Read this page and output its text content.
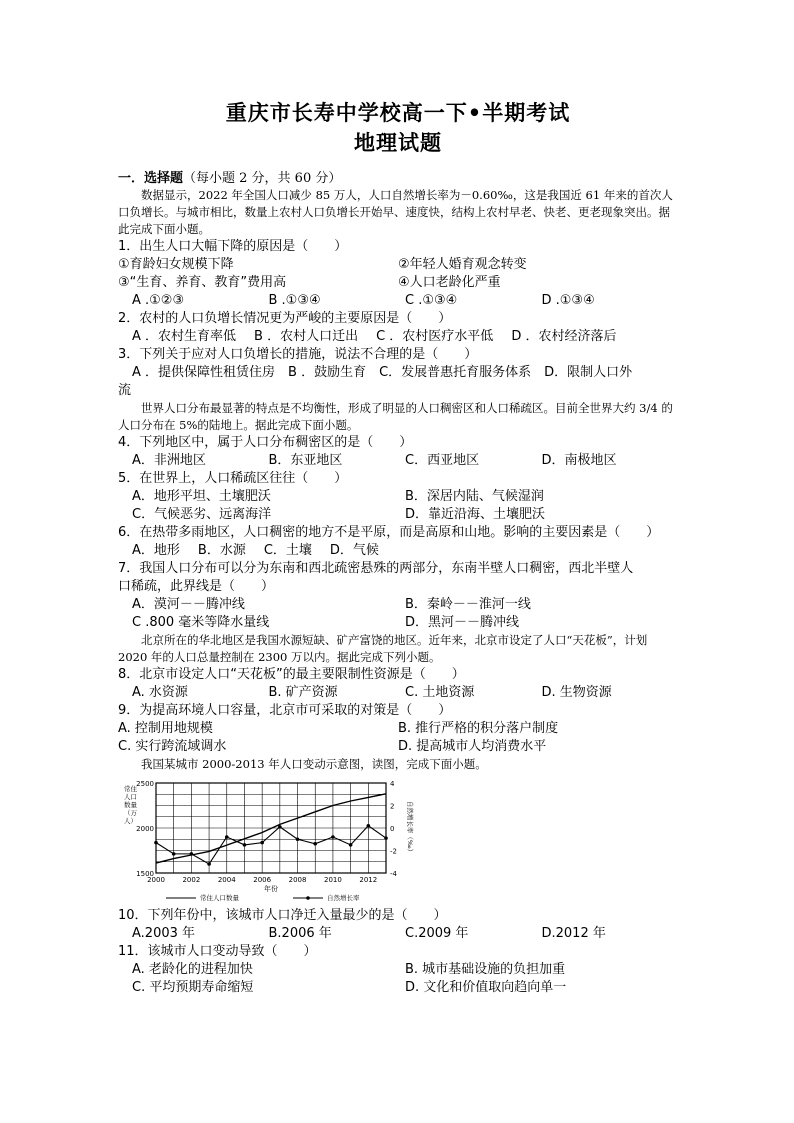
重庆市长寿中学校高一下•半期考试
地理试题
一．选择题（每小题 2 分，共 60 分）
数据显示，2022 年全国人口减少 85 万人，人口自然增长率为－0.60‰，这是我国近 61 年来的首次人口负增长。与城市相比，数量上农村人口负增长开始早、速度快，结构上农村早老、快老、更老现象突出。据此完成下面小题。
1．出生人口大幅下降的原因是（　　）
①育龄妇女规模下降	②年轻人婚育观念转变
③“生育、养育、教育”费用高	④人口老龄化严重
A .①②③	B .①③④	C .①③④	D .①③④
2．农村的人口负增长情况更为严峻的主要原因是（　　）
A ．农村生育率低 B ．农村人口迁出 C ．农村医疗水平低 D ．农村经济落后
3．下列关于应对人口负增长的措施，说法不合理的是（　　）
A ．提供保障性租赁住房　B ．鼓励生育　C．发展普惠托育服务体系　D．限制人口外
流
世界人口分布最显著的特点是不均衡性，形成了明显的人口稠密区和人口稀疏区。目前全世界大约 3/4 的人口分布在 5%的陆地上。据此完成下面小题。
4．下列地区中，属于人口分布稠密区的是（　　）
A．非洲地区	B．东亚地区	C．西亚地区	D．南极地区
5．在世界上，人口稀疏区往往（　　）
A．地形平坦、土壤肥沃	B．深居内陆、气候湿润
C．气候恶劣、远离海洋	D．靠近沿海、土壤肥沃
6．在热带多雨地区，人口稠密的地方不是平原，而是高原和山地。影响的主要因素是（　　）
A．地形 B．水源 C．土壤 D．气候
7．我国人口分布可以分为东南和西北疏密悬殊的两部分，东南半壁人口稠密，西北半壁人
口稀疏，此界线是（　　）
A．漠河－－腾冲线	B．秦岭－－淮河一线
C .800 毫米等降水量线	D．黑河－－腾冲线
北京所在的华北地区是我国水源短缺、矿产富饶的地区。近年来，北京市设定了人口“天花板”，计划 2020 年的人口总量控制在 2300 万以内。据此完成下列小题。
8．北京市设定人口“天花板”的最主要限制性资源是（　　）
A. 水资源	B. 矿产资源	C. 土地资源	D. 生物资源
9．为提高环境人口容量，北京市可采取的对策是（　　）
A. 控制用地规模	B. 推行严格的积分落户制度
C. 实行跨流域调水	D. 提高城市人均消费水平
我国某城市 2000-2013 年人口变动示意图，读图，完成下面小题。
2000	2002	2004	2006	2008	2010	2012
1500
2000
2500	4
2
0
-2
-4
常住人口数量（万人）	自然增长率（‰）
年份
常住人口数量	自然增长率
10．下列年份中，该城市人口净迁入量最少的是（　　）
A.2003 年	B.2006 年	C.2009 年	D.2012 年
11．该城市人口变动导致（　　）
A. 老龄化的进程加快	B. 城市基础设施的负担加重
C. 平均预期寿命缩短	D. 文化和价值取向趋向单一
